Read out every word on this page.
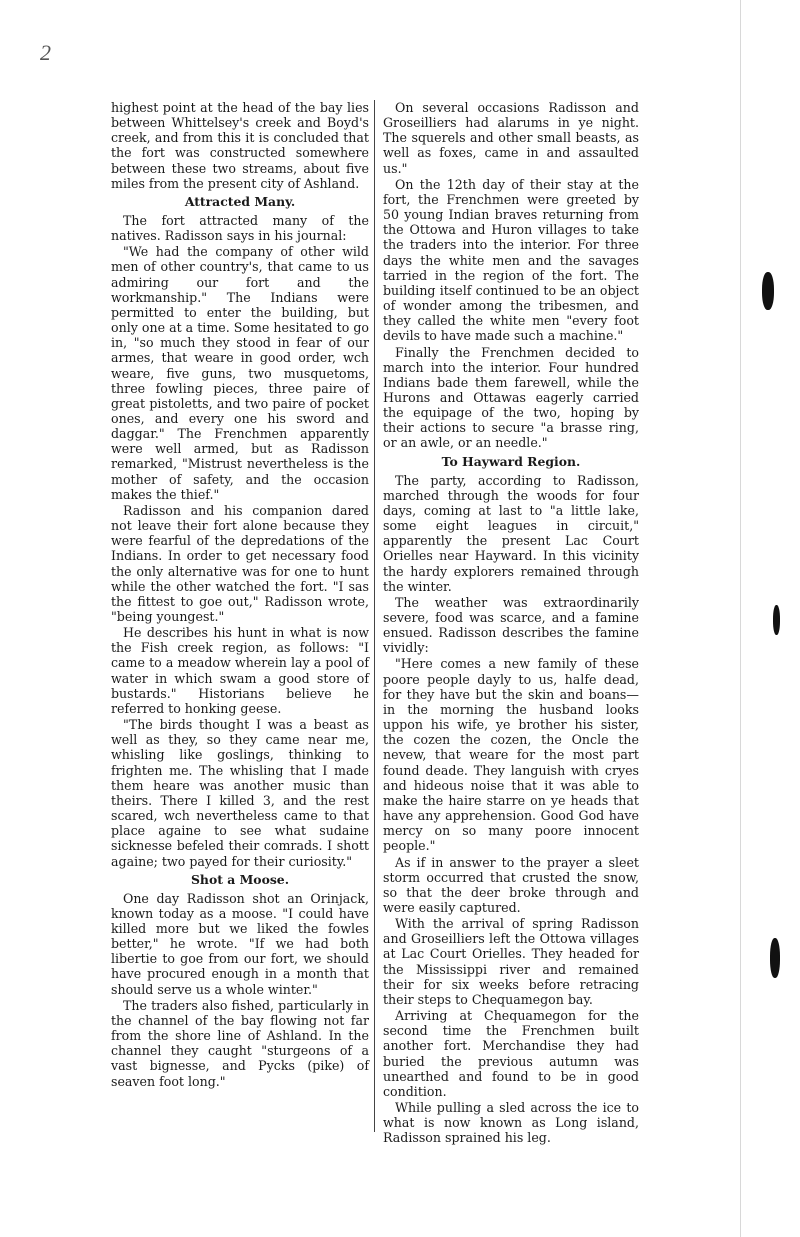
2

highest point at the head of the bay lies between Whittelsey's creek and Boyd's creek, and from this it is concluded that the fort was constructed somewhere between these two streams, about five miles from the present city of Ashland.

Attracted Many.

The fort attracted many of the natives. Radisson says in his journal:

"We had the company of other wild men of other country's, that came to us admiring our fort and the workmanship." The Indians were permitted to enter the building, but only one at a time. Some hesitated to go in, "so much they stood in fear of our armes, that weare in good order, wch weare, five guns, two musquetoms, three fowling pieces, three paire of great pistoletts, and two paire of pocket ones, and every one his sword and daggar." The Frenchmen apparently were well armed, but as Radisson remarked, "Mistrust nevertheless is the mother of safety, and the occasion makes the thief."

Radisson and his companion dared not leave their fort alone because they were fearful of the depredations of the Indians. In order to get necessary food the only alternative was for one to hunt while the other watched the fort. "I sas the fittest to goe out," Radisson wrote, "being youngest."

He describes his hunt in what is now the Fish creek region, as follows: "I came to a meadow wherein lay a pool of water in which swam a good store of bustards." Historians believe he referred to honking geese.

"The birds thought I was a beast as well as they, so they came near me, whisling like goslings, thinking to frighten me. The whisling that I made them heare was another music than theirs. There I killed 3, and the rest scared, wch nevertheless came to that place againe to see what sudaine sicknesse befeled their comrads. I shott againe; two payed for their curiosity."

Shot a Moose.

One day Radisson shot an Orinjack, known today as a moose. "I could have killed more but we liked the fowles better," he wrote. "If we had both libertie to goe from our fort, we should have procured enough in a month that should serve us a whole winter."

The traders also fished, particularly in the channel of the bay flowing not far from the shore line of Ashland. In the channel they caught "sturgeons of a vast bignesse, and Pycks (pike) of seaven foot long."

On several occasions Radisson and Groseilliers had alarums in ye night. The squerels and other small beasts, as well as foxes, came in and assaulted us."

On the 12th day of their stay at the fort, the Frenchmen were greeted by 50 young Indian braves returning from the Ottowa and Huron villages to take the traders into the interior. For three days the white men and the savages tarried in the region of the fort. The building itself continued to be an object of wonder among the tribesmen, and they called the white men "every foot devils to have made such a machine."

Finally the Frenchmen decided to march into the interior. Four hundred Indians bade them farewell, while the Hurons and Ottawas eagerly carried the equipage of the two, hoping by their actions to secure "a brasse ring, or an awle, or an needle."

To Hayward Region.

The party, according to Radisson, marched through the woods for four days, coming at last to "a little lake, some eight leagues in circuit," apparently the present Lac Court Orielles near Hayward. In this vicinity the hardy explorers remained through the winter.

The weather was extraordinarily severe, food was scarce, and a famine ensued. Radisson describes the famine vividly:

"Here comes a new family of these poore people dayly to us, halfe dead, for they have but the skin and boans—in the morning the husband looks uppon his wife, ye brother his sister, the cozen the cozen, the Oncle the nevew, that weare for the most part found deade. They languish with cryes and hideous noise that it was able to make the haire starre on ye heads that have any apprehension. Good God have mercy on so many poore innocent people."

As if in answer to the prayer a sleet storm occurred that crusted the snow, so that the deer broke through and were easily captured.

With the arrival of spring Radisson and Groseilliers left the Ottowa villages at Lac Court Orielles. They headed for the Mississippi river and remained their for six weeks before retracing their steps to Chequamegon bay.

Arriving at Chequamegon for the second time the Frenchmen built another fort. Merchandise they had buried the previous autumn was unearthed and found to be in good condition.

While pulling a sled across the ice to what is now known as Long island, Radisson sprained his leg.
